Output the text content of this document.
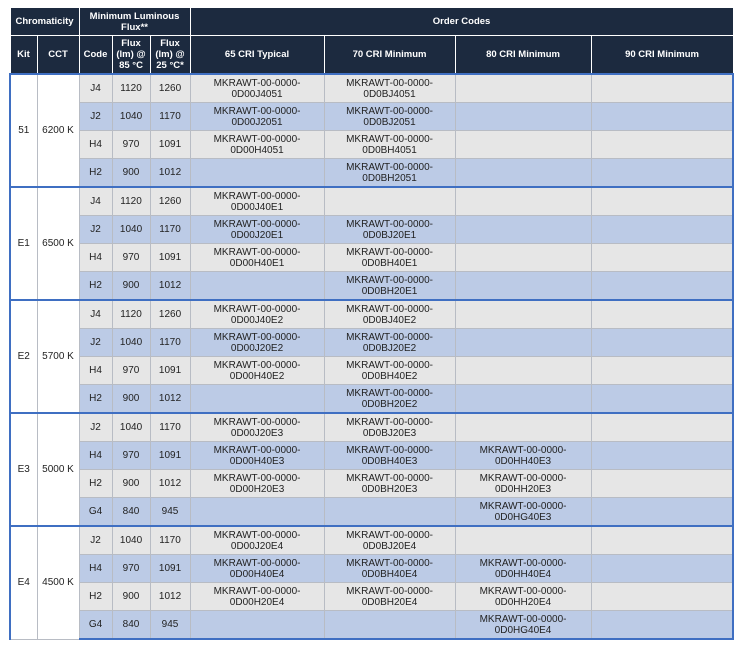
Chromaticity		Minimum Luminous Flux**			Order Codes			
Kit	CCT	Code	Flux (lm) @ 85 °C	Flux (lm) @ 25 °C*	65 CRI Typical	70 CRI Minimum	80 CRI Minimum	90 CRI Minimum
51	6200 K	J4	1120	1260	MKRAWT-00-0000-0D00J4051	MKRAWT-00-0000-0D0BJ4051		
		J2	1040	1170	MKRAWT-00-0000-0D00J2051	MKRAWT-00-0000-0D0BJ2051		
		H4	970	1091	MKRAWT-00-0000-0D00H4051	MKRAWT-00-0000-0D0BH4051		
		H2	900	1012		MKRAWT-00-0000-0D0BH2051		
E1	6500 K	J4	1120	1260	MKRAWT-00-0000-0D00J40E1			
		J2	1040	1170	MKRAWT-00-0000-0D00J20E1	MKRAWT-00-0000-0D0BJ20E1		
		H4	970	1091	MKRAWT-00-0000-0D00H40E1	MKRAWT-00-0000-0D0BH40E1		
		H2	900	1012		MKRAWT-00-0000-0D0BH20E1		
E2	5700 K	J4	1120	1260	MKRAWT-00-0000-0D00J40E2	MKRAWT-00-0000-0D0BJ40E2		
		J2	1040	1170	MKRAWT-00-0000-0D00J20E2	MKRAWT-00-0000-0D0BJ20E2		
		H4	970	1091	MKRAWT-00-0000-0D00H40E2	MKRAWT-00-0000-0D0BH40E2		
		H2	900	1012		MKRAWT-00-0000-0D0BH20E2		
E3	5000 K	J2	1040	1170	MKRAWT-00-0000-0D00J20E3	MKRAWT-00-0000-0D0BJ20E3		
		H4	970	1091	MKRAWT-00-0000-0D00H40E3	MKRAWT-00-0000-0D0BH40E3	MKRAWT-00-0000-0D0HH40E3	
		H2	900	1012	MKRAWT-00-0000-0D00H20E3	MKRAWT-00-0000-0D0BH20E3	MKRAWT-00-0000-0D0HH20E3	
		G4	840	945			MKRAWT-00-0000-0D0HG40E3	
E4	4500 K	J2	1040	1170	MKRAWT-00-0000-0D00J20E4	MKRAWT-00-0000-0D0BJ20E4		
		H4	970	1091	MKRAWT-00-0000-0D00H40E4	MKRAWT-00-0000-0D0BH40E4	MKRAWT-00-0000-0D0HH40E4	
		H2	900	1012	MKRAWT-00-0000-0D00H20E4	MKRAWT-00-0000-0D0BH20E4	MKRAWT-00-0000-0D0HH20E4	
		G4	840	945			MKRAWT-00-0000-0D0HG40E4	
